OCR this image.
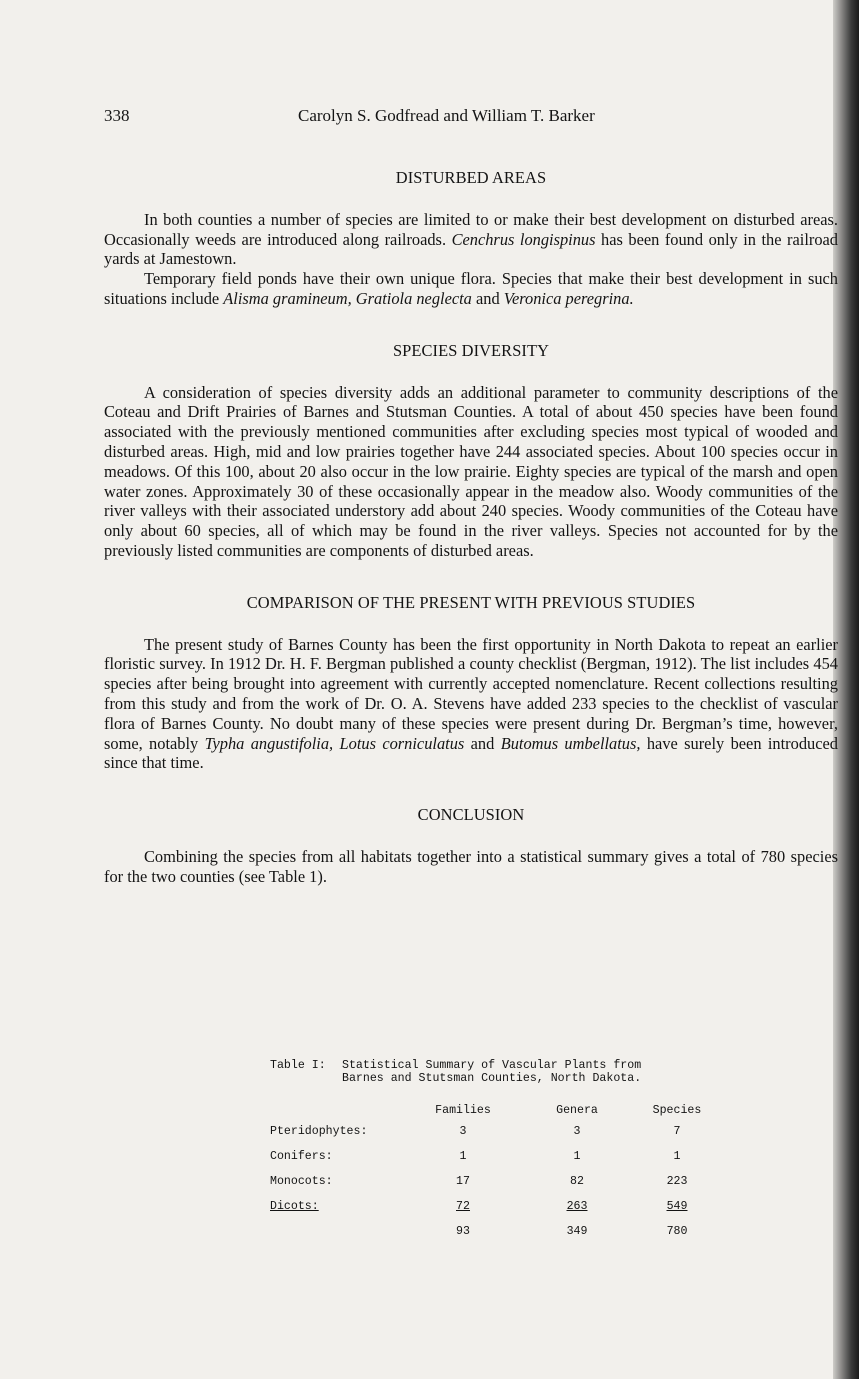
338	Carolyn S. Godfread and William T. Barker
DISTURBED AREAS

In both counties a number of species are limited to or make their best development on disturbed areas. Occasionally weeds are introduced along railroads. Cenchrus longispinus has been found only in the railroad yards at Jamestown.

Temporary field ponds have their own unique flora. Species that make their best development in such situations include Alisma gramineum, Gratiola neglecta and Veronica peregrina.

SPECIES DIVERSITY

A consideration of species diversity adds an additional parameter to community descriptions of the Coteau and Drift Prairies of Barnes and Stutsman Counties. A total of about 450 species have been found associated with the previously mentioned communities after excluding species most typical of wooded and disturbed areas. High, mid and low prairies together have 244 associated species. About 100 species occur in meadows. Of this 100, about 20 also occur in the low prairie. Eighty species are typical of the marsh and open water zones. Approximately 30 of these occasionally appear in the meadow also. Woody communities of the river valleys with their associated understory add about 240 species. Woody communities of the Coteau have only about 60 species, all of which may be found in the river valleys. Species not accounted for by the previously listed communities are components of disturbed areas.

COMPARISON OF THE PRESENT WITH PREVIOUS STUDIES

The present study of Barnes County has been the first opportunity in North Dakota to repeat an earlier floristic survey. In 1912 Dr. H. F. Bergman published a county checklist (Bergman, 1912). The list includes 454 species after being brought into agreement with currently accepted nomenclature. Recent collections resulting from this study and from the work of Dr. O. A. Stevens have added 233 species to the checklist of vascular flora of Barnes County. No doubt many of these species were present during Dr. Bergman’s time, however, some, notably Typha angustifolia, Lotus corniculatus and Butomus umbellatus, have surely been introduced since that time.

CONCLUSION

Combining the species from all habitats together into a statistical summary gives a total of 780 species for the two counties (see Table 1).

Table I:	Statistical Summary of Vascular Plants from Barnes and Stutsman Counties, North Dakota.
Families	Genera	Species
Pteridophytes:	3	3	7
Conifers:	1	1	1
Monocots:	17	82	223
Dicots:	72	263	549
93	349	780
